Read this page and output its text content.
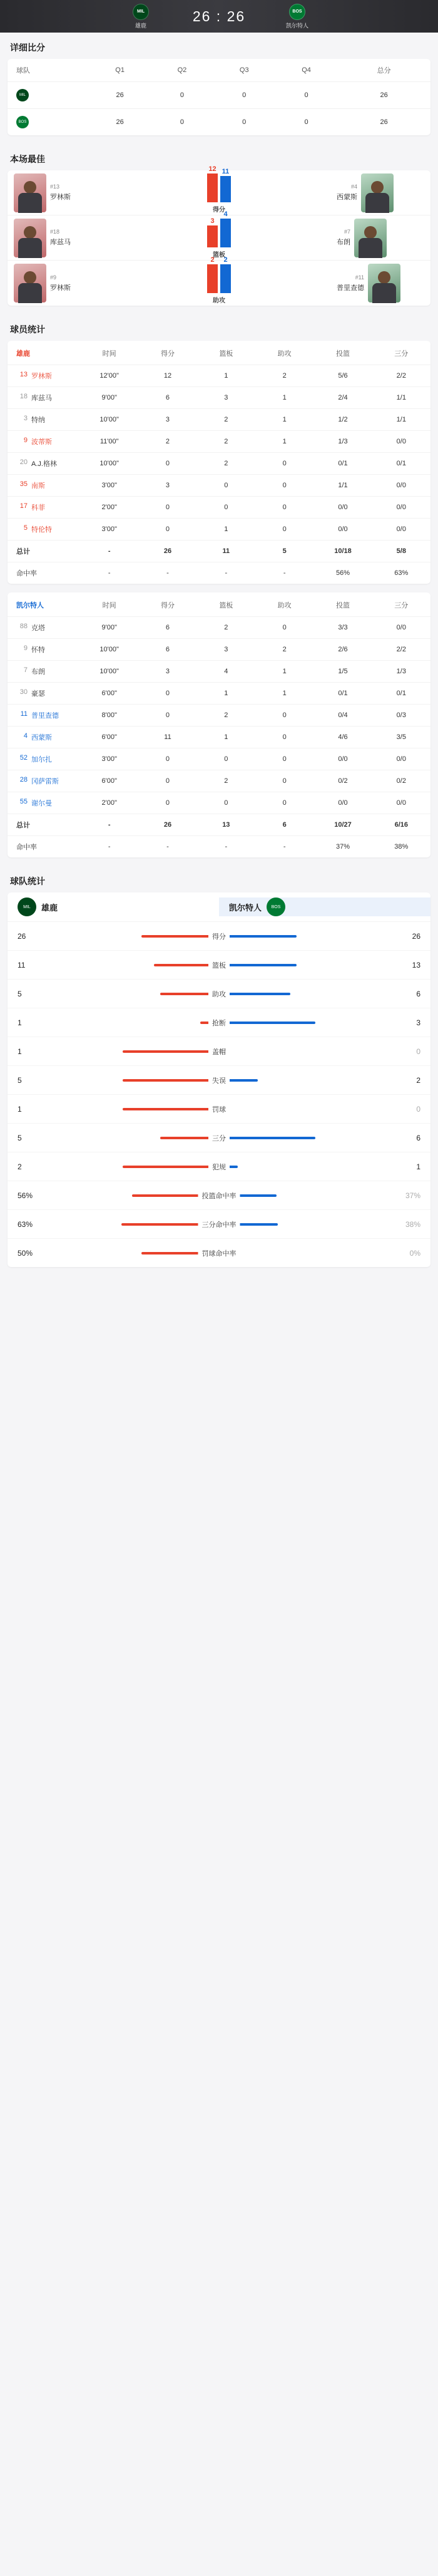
MIL
雄鹿
26 : 26	BOS
凯尔特人
详细比分
球队	Q1	Q2	Q3	Q4	总分
MIL	26	0	0	0	26
BOS	26	0	0	0	26
本场最佳
#13
罗林斯
12 11
得分
#4
西蒙斯
#18
库兹马
3
4
篮板
#7
布朗
#9
罗林斯
2 2
助攻
#11
普里查德
球员统计
雄鹿	时间	得分	篮板	助攻	投篮	三分
13 罗林斯	12'00"	12	1	2	5/6	2/2
18 库兹马	9'00"	6	3	1	2/4	1/1
3 特纳	10'00"	3	2	1	1/2	1/1
9 波蒂斯	11'00"	2	2	1	1/3	0/0
20 A.J.格林	10'00"	0	2	0	0/1	0/1
35 南斯	3'00"	3	0	0	1/1	0/0
17 科菲	2'00"	0	0	0	0/0	0/0
5 特伦特	3'00"	0	1	0	0/0	0/0
总计	-	26	11	5	10/18	5/8
命中率	-	-	-	-	56%	63%
凯尔特人	时间	得分	篮板	助攻	投篮	三分
88 克塔	9'00"	6	2	0	3/3	0/0
9 怀特	10'00"	6	3	2	2/6	2/2
7 布朗	10'00"	3	4	1	1/5	1/3
30 豪瑟	6'00"	0	1	1	0/1	0/1
11 普里查德	8'00"	0	2	0	0/4	0/3
4 西蒙斯	6'00"	11	1	0	4/6	3/5
52 加尔扎	3'00"	0	0	0	0/0	0/0
28 冈萨雷斯	6'00"	0	2	0	0/2	0/2
55 谢尔曼	2'00"	0	0	0	0/0	0/0
总计	-	26	13	6	10/27	6/16
命中率	-	-	-	-	37%	38%
球队统计
MIL	雄鹿	BOS
凯尔特人
26	得分	26
11	篮板	13
5	助攻	6
1	抢断	3
1	盖帽	0
5	失误	2
1	罚球	0
5	三分	6
2	犯规	1
56%	投篮命中率	37%
63%	三分命中率	38%
50%	罚球命中率	0%
